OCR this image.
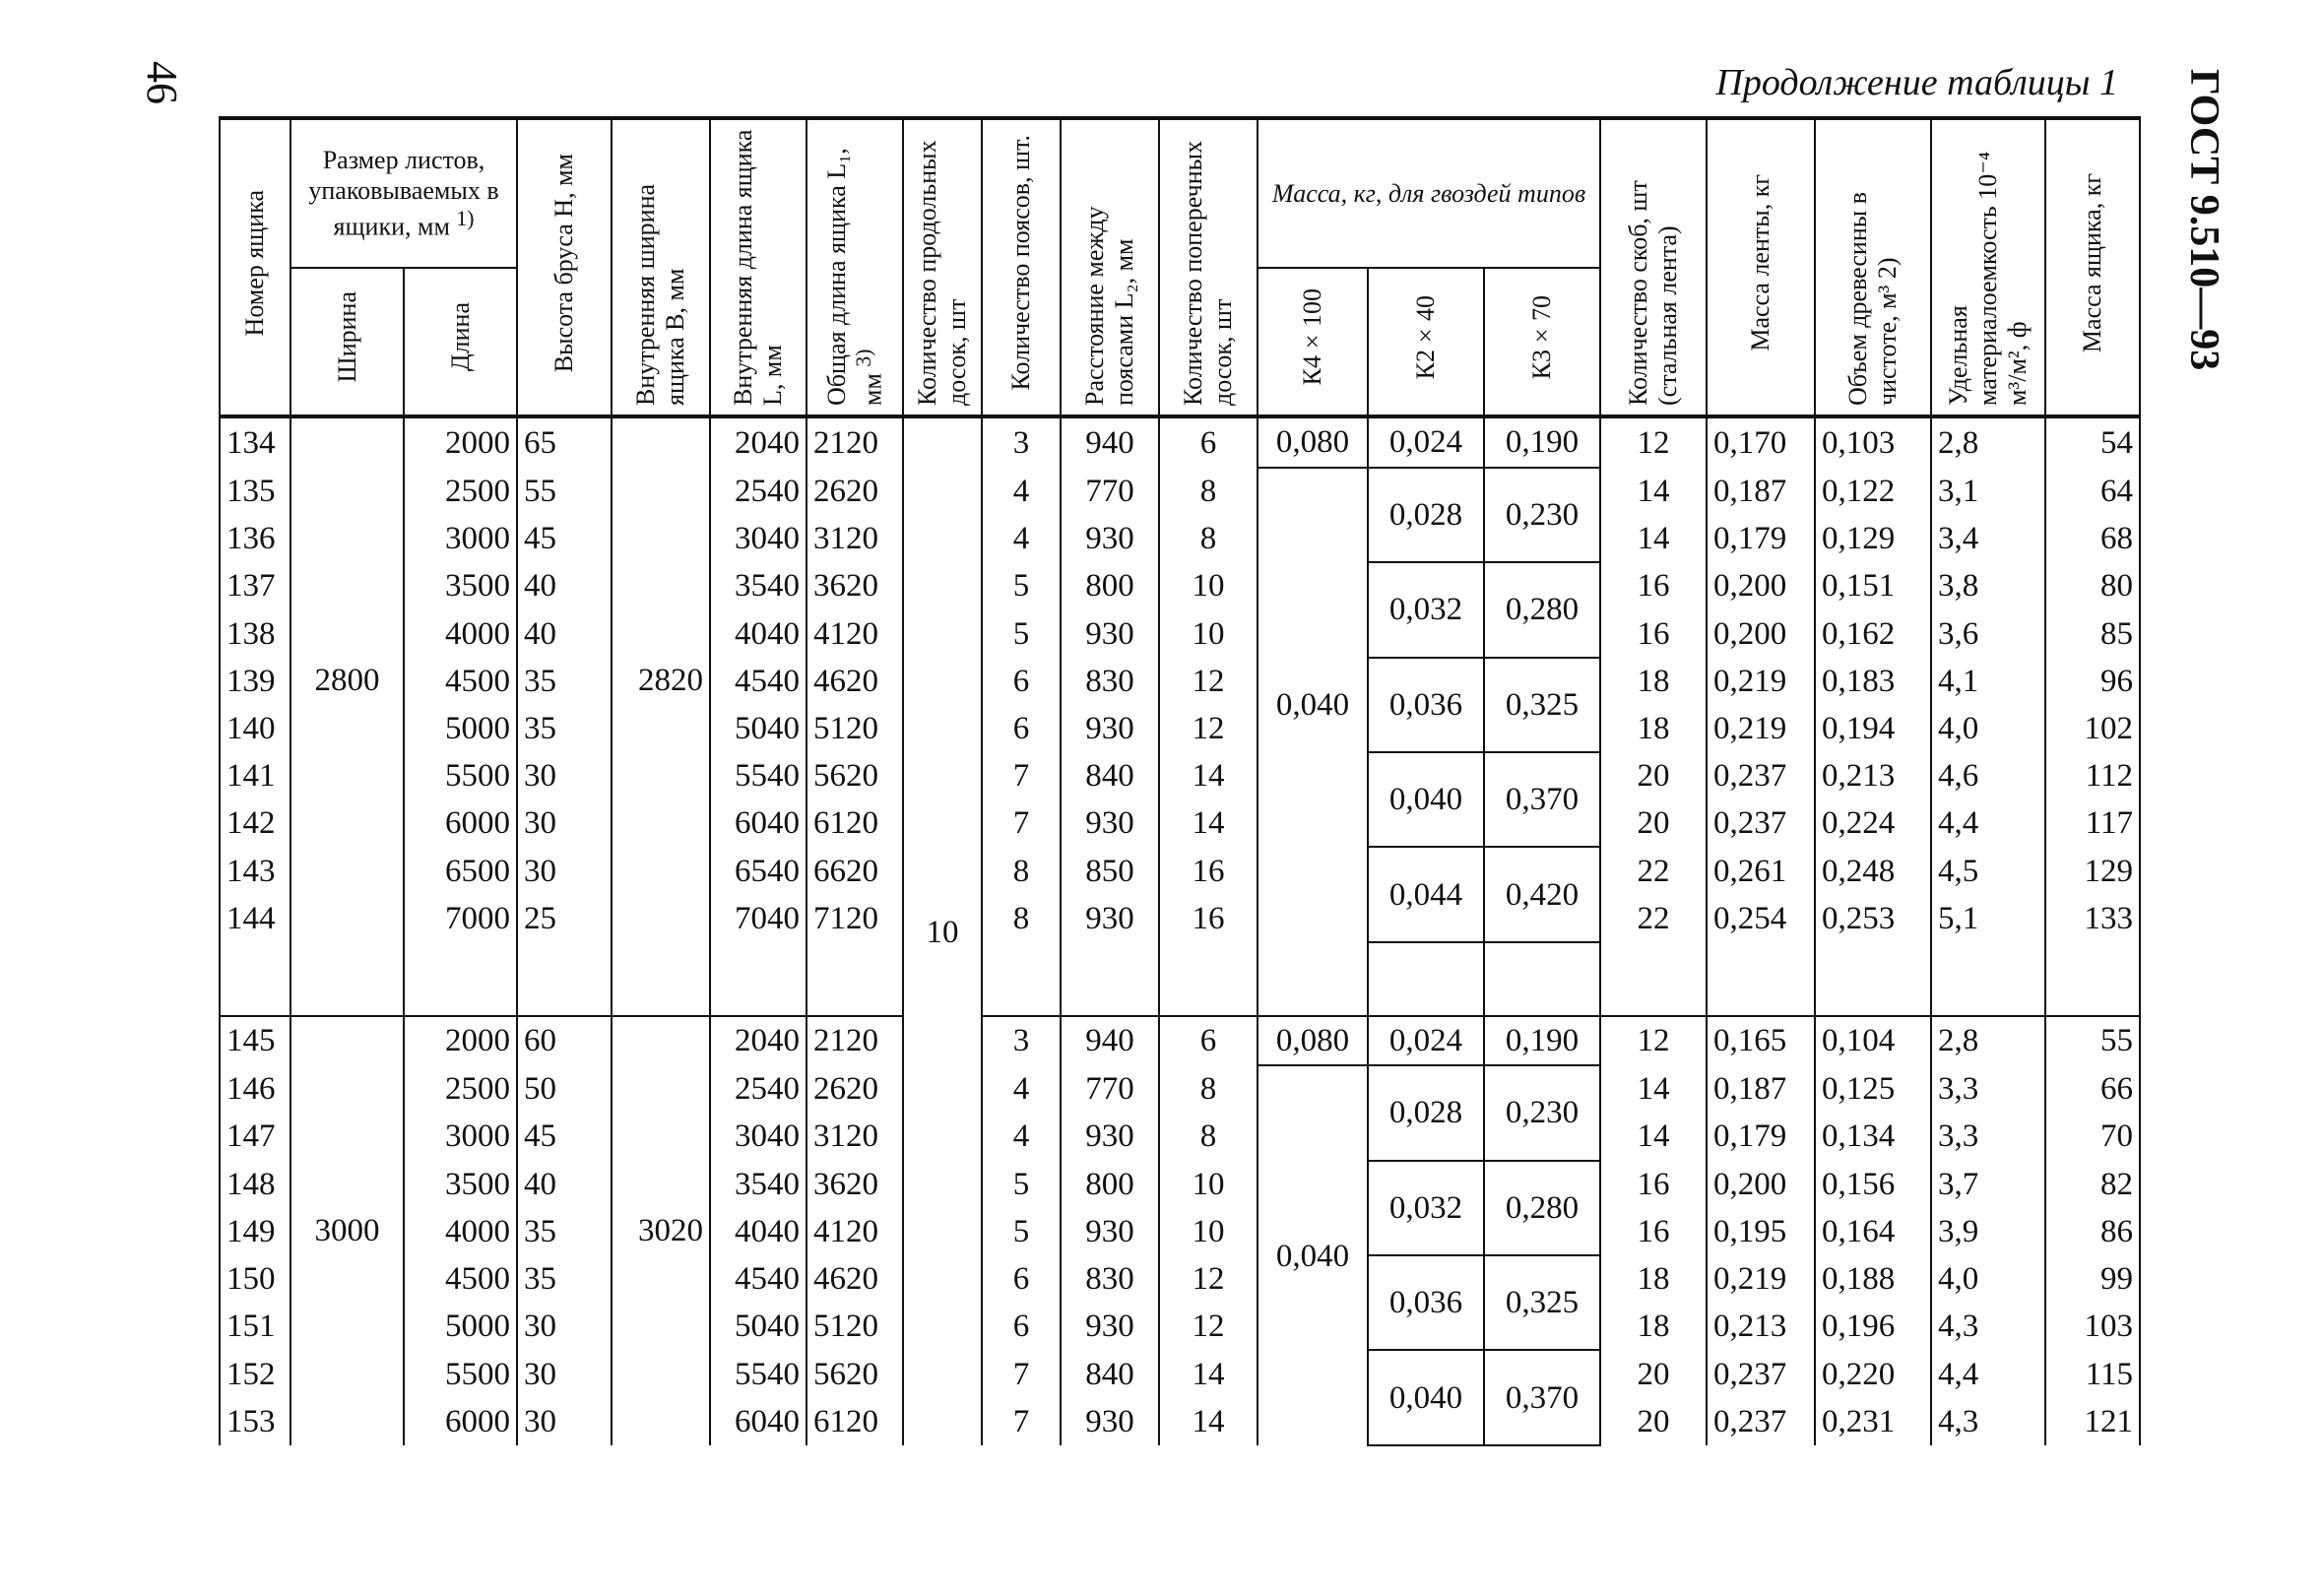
46	Продолжение таблицы 1 ГОСТ 9.510—93
Номер ящика	Размер листов, упаковываемых в ящики, мм $^{1)}$		Высота бруса H, мм	Внутренняя ширина ящика B, мм	Внутренняя длина ящика L, мм	Общая длина ящика L₁, мм $^{3)}$	Количество продольных досок, шт	Количество поясов, шт.	Расстояние между поясами L₂, мм	Количество поперечных досок, шт	Масса, кг, для гвоздей типов			Количество скоб, шт (стальная лента)	Масса ленты, кг	Объем древесины в чистоте, м³ 2)	Удельная материалоемкость 10⁻⁴ м³/м², ф	Масса ящика, кг
	Ширина	Длина									К4×100	К2×40	К3×70					
134	2800	2000	65	2820	2040	2120	10	3	940	6	0,080	0,024	0,190	12	0,170	0,103	2,8	54
135		2500	55		2540	2620		4	770	8	0,040	0,028	0,230	14	0,187	0,122	3,1	64
136		3000	45		3040	3120		4	930	8				14	0,179	0,129	3,4	68
137		3500	40		3540	3620		5	800	10		0,032	0,280	16	0,200	0,151	3,8	80
138		4000	40		4040	4120		5	930	10				16	0,200	0,162	3,6	85
139		4500	35		4540	4620		6	830	12		0,036	0,325	18	0,219	0,183	4,1	96
140		5000	35		5040	5120		6	930	12				18	0,219	0,194	4,0	102
141		5500	30		5540	5620		7	840	14		0,040	0,370	20	0,237	0,213	4,6	112
142		6000	30		6040	6120		7	930	14				20	0,237	0,224	4,4	117
143		6500	30		6540	6620		8	850	16		0,044	0,420	22	0,261	0,248	4,5	129
144		7000	25		7040	7120		8	930	16				22	0,254	0,253	5,1	133

145	3000	2000	60	3020	2040	2120		3	940	6	0,080	0,024	0,190	12	0,165	0,104	2,8	55
146		2500	50		2540	2620		4	770	8	0,040	0,028	0,230	14	0,187	0,125	3,3	66
147		3000	45		3040	3120		4	930	8				14	0,179	0,134	3,3	70
148		3500	40		3540	3620		5	800	10		0,032	0,280	16	0,200	0,156	3,7	82
149		4000	35		4040	4120		5	930	10				16	0,195	0,164	3,9	86
150		4500	35		4540	4620		6	830	12		0,036	0,325	18	0,219	0,188	4,0	99
151		5000	30		5040	5120		6	930	12				18	0,213	0,196	4,3	103
152		5500	30		5540	5620		7	840	14		0,040	0,370	20	0,237	0,220	4,4	115
153		6000	30		6040	6120		7	930	14				20	0,237	0,231	4,3	121
